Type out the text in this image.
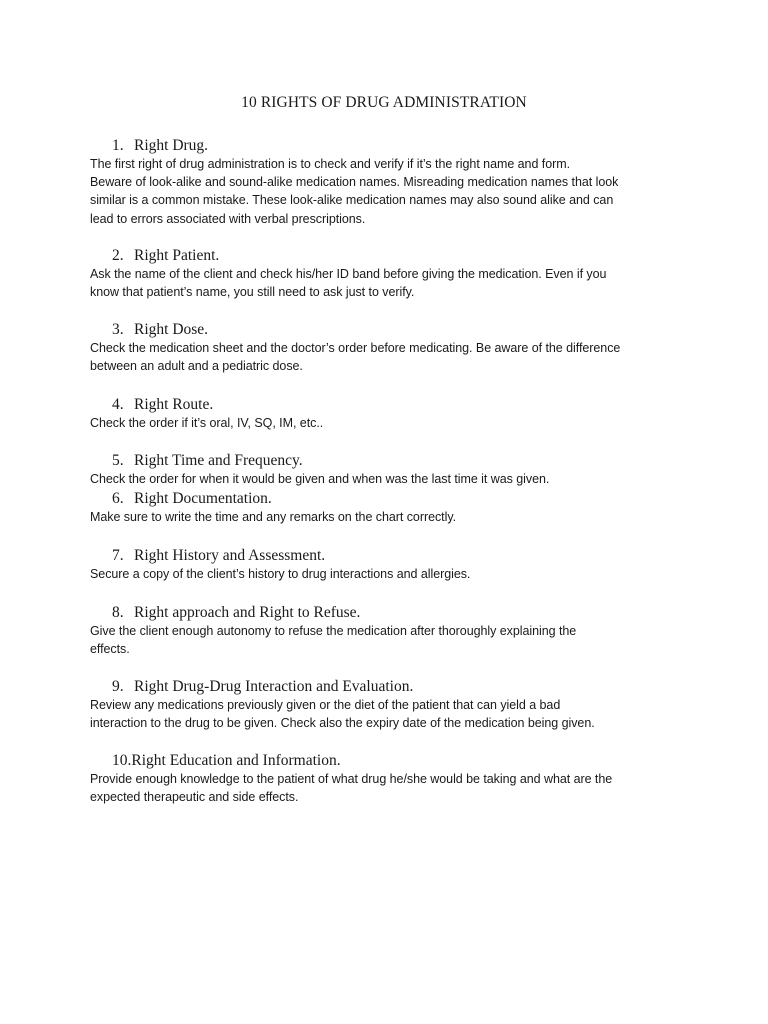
10 RIGHTS OF DRUG ADMINISTRATION
1. Right Drug.
The first right of drug administration is to check and verify if it’s the right name and form.
Beware of look-alike and sound-alike medication names. Misreading medication names that look
similar is a common mistake. These look-alike medication names may also sound alike and can
lead to errors associated with verbal prescriptions.
2. Right Patient.
Ask the name of the client and check his/her ID band before giving the medication. Even if you
know that patient’s name, you still need to ask just to verify.
3. Right Dose.
Check the medication sheet and the doctor’s order before medicating. Be aware of the difference
between an adult and a pediatric dose.
4. Right Route.
Check the order if it’s oral, IV, SQ, IM, etc..
5. Right Time and Frequency.
Check the order for when it would be given and when was the last time it was given.
6. Right Documentation.
Make sure to write the time and any remarks on the chart correctly.
7. Right History and Assessment.
Secure a copy of the client’s history to drug interactions and allergies.
8. Right approach and Right to Refuse.
Give the client enough autonomy to refuse the medication after thoroughly explaining the
effects.
9. Right Drug-Drug Interaction and Evaluation.
Review any medications previously given or the diet of the patient that can yield a bad
interaction to the drug to be given. Check also the expiry date of the medication being given.
10.Right Education and Information.
Provide enough knowledge to the patient of what drug he/she would be taking and what are the
expected therapeutic and side effects.
